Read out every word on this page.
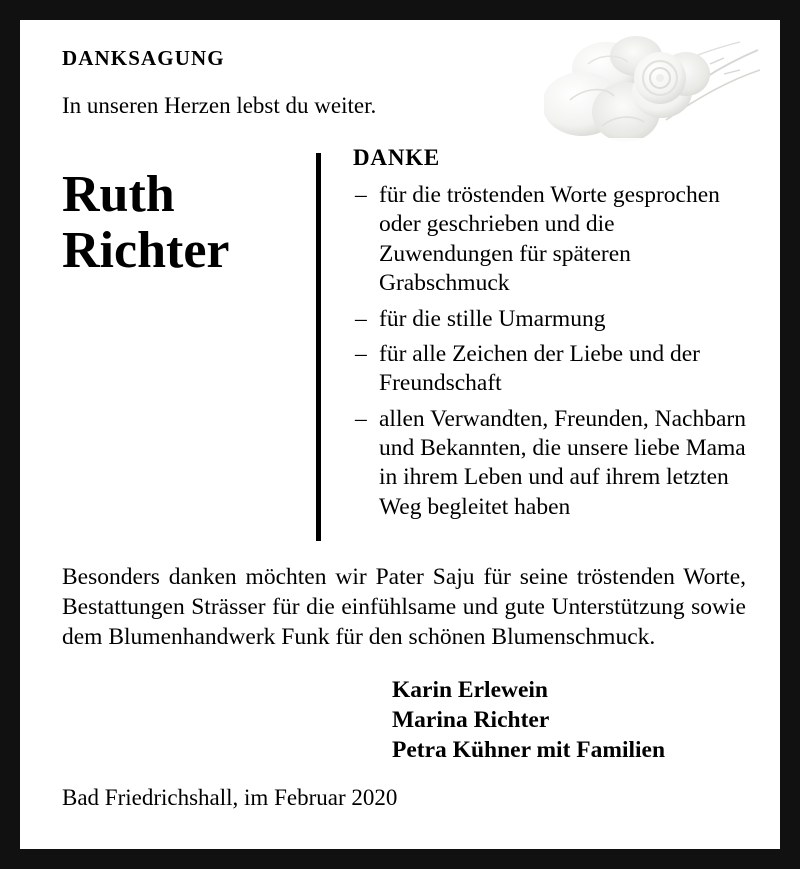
DANKSAGUNG
In unseren Herzen lebst du weiter.
Ruth
Richter
DANKE
– für die tröstenden Worte gesprochen oder geschrieben und die Zuwendungen für späteren Grabschmuck
– für die stille Umarmung
– für alle Zeichen der Liebe und der Freundschaft
– allen Verwandten, Freunden, Nachbarn und Bekannten, die unsere liebe Mama in ihrem Leben und auf ihrem letzten Weg begleitet haben

Besonders danken möchten wir Pater Saju für seine tröstenden Worte, Bestattungen Strässer für die einfühlsame und gute Unterstützung sowie dem Blumenhandwerk Funk für den schönen Blumenschmuck.

Karin Erlewein
Marina Richter
Petra Kühner mit Familien
Bad Friedrichshall, im Februar 2020
